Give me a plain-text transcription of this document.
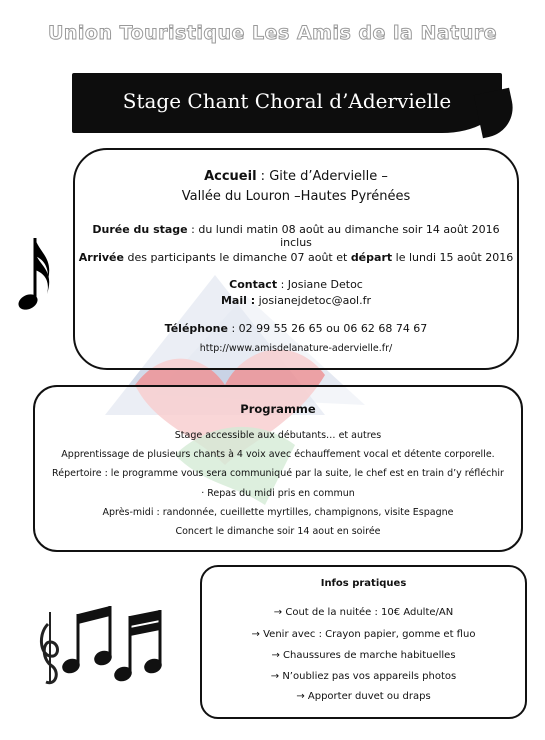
Union Touristique Les Amis de la Nature
Stage Chant Choral d’Adervielle
Accueil : Gite d’Adervielle –
Vallée du Louron –Hautes Pyrénées
Durée du stage : du lundi matin 08 août au dimanche soir 14 août 2016 inclus
Arrivée des participants le dimanche 07 août et départ le lundi 15 août 2016
Contact : Josiane Detoc
Mail : josianejdetoc@aol.fr
Téléphone : 02 99 55 26 65 ou 06 62 68 74 67
http://www.amisdelanature-adervielle.fr/
Programme
Stage accessible aux débutants… et autres
Apprentissage de plusieurs chants à 4 voix avec échauffement vocal et détente corporelle.
Répertoire : le programme vous sera communiqué par la suite, le chef est en train d’y réfléchir
· Repas du midi pris en commun
Après-midi : randonnée, cueillette myrtilles, champignons, visite Espagne
Concert le dimanche soir 14 aout en soirée
Infos pratiques
→ Cout de la nuitée : 10€ Adulte/AN
→ Venir avec : Crayon papier, gomme et fluo
→ Chaussures de marche habituelles
→ N’oubliez pas vos appareils photos
→ Apporter duvet ou draps
